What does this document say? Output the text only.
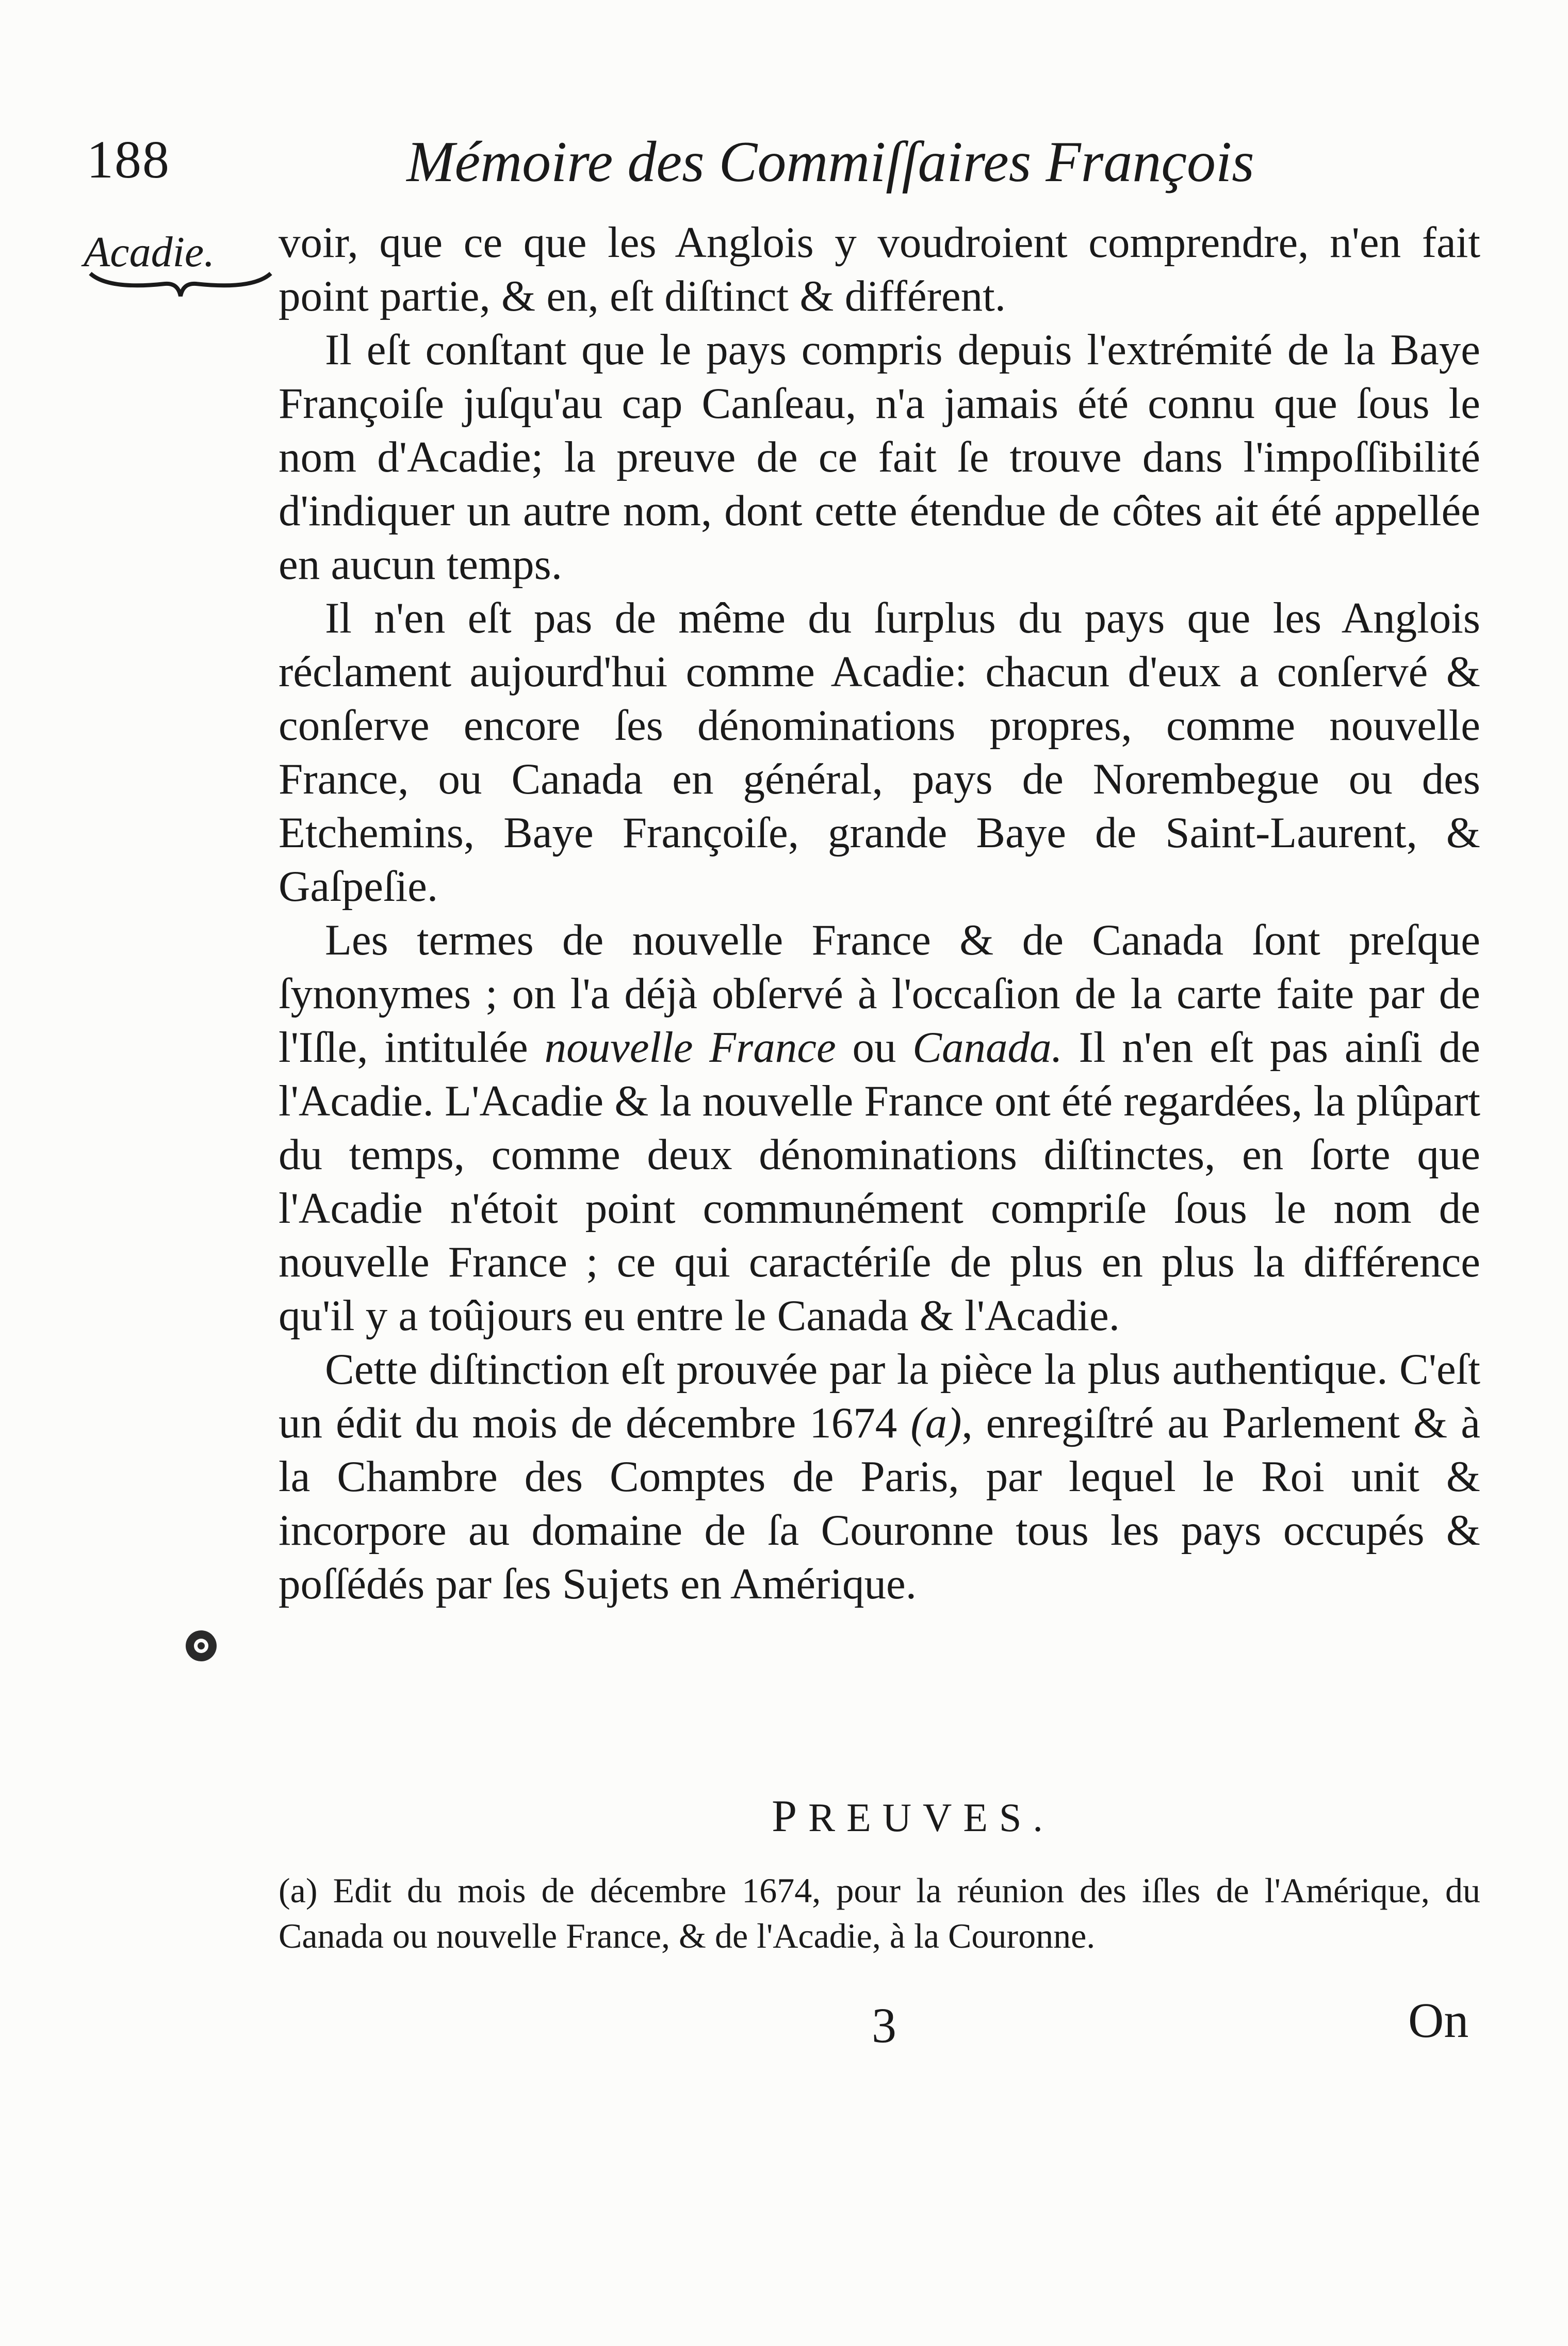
188	Mémoire des Commiſſaires François
Acadie. voir, que ce que les Anglois y voudroient comprendre, n'en fait point partie, & en, eſt diſtinct & différent.

Il eſt conſtant que le pays compris depuis l'extrémité de la Baye Françoiſe juſqu'au cap Canſeau, n'a jamais été connu que ſous le nom d'Acadie; la preuve de ce fait ſe trouve dans l'impoſſibilité d'indiquer un autre nom, dont cette étendue de côtes ait été appellée en aucun temps.

Il n'en eſt pas de même du ſurplus du pays que les Anglois réclament aujourd'hui comme Acadie: chacun d'eux a conſervé & conſerve encore ſes dénominations propres, comme nouvelle France, ou Canada en général, pays de Norembegue ou des Etchemins, Baye Françoiſe, grande Baye de Saint-Laurent, & Gaſpeſie.

Les termes de nouvelle France & de Canada ſont preſque ſynonymes ; on l'a déjà obſervé à l'occaſion de la carte faite par de l'Iſle, intitulée nouvelle France ou Canada. Il n'en eſt pas ainſi de l'Acadie. L'Acadie & la nouvelle France ont été regardées, la plûpart du temps, comme deux dénominations diſtinctes, en ſorte que l'Acadie n'étoit point communément compriſe ſous le nom de nouvelle France ; ce qui caractériſe de plus en plus la différence qu'il y a toûjours eu entre le Canada & l'Acadie.

Cette diſtinction eſt prouvée par la pièce la plus authentique. C'eſt un édit du mois de décembre 1674 (a), enregiſtré au Parlement & à la Chambre des Comptes de Paris, par lequel le Roi unit & incorpore au domaine de ſa Couronne tous les pays occupés & poſſédés par ſes Sujets en Amérique.

PREUVES.

(a) Edit du mois de décembre 1674, pour la réunion des iſles de l'Amérique, du Canada ou nouvelle France, & de l'Acadie, à la Couronne.

3	On
